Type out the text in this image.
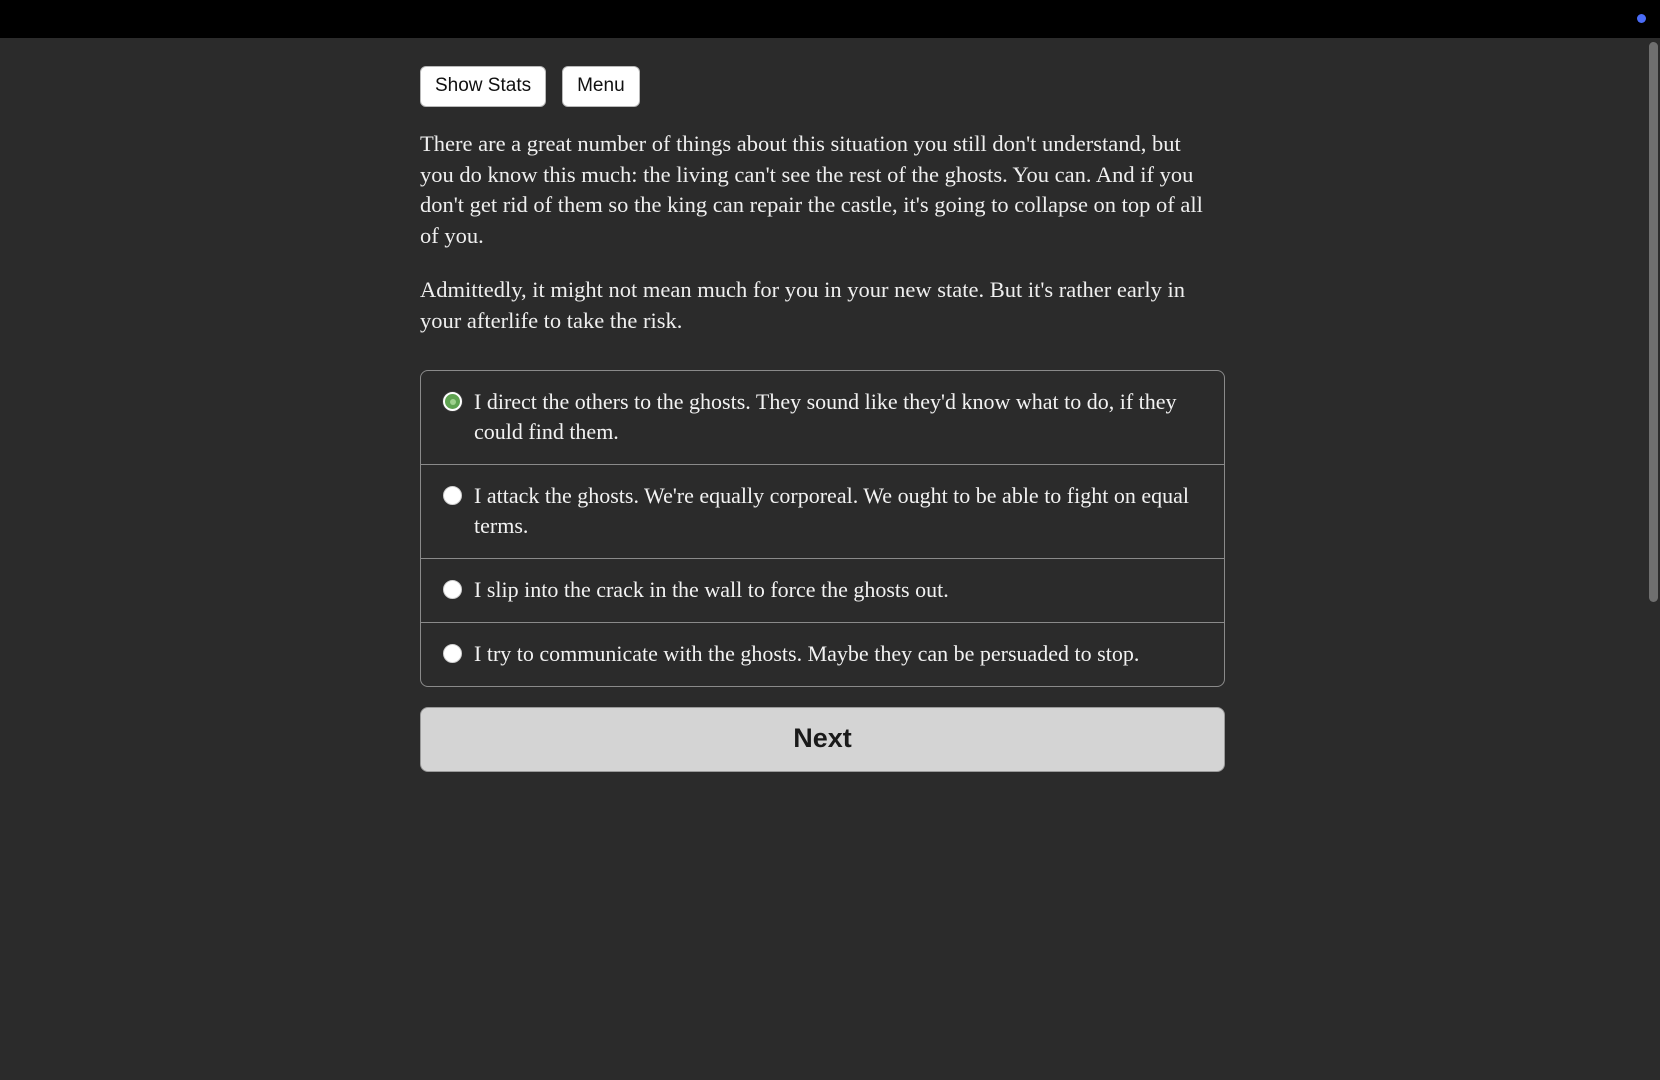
Show Stats	Menu

There are a great number of things about this situation you still don't understand, but you do know this much: the living can't see the rest of the ghosts. You can. And if you don't get rid of them so the king can repair the castle, it's going to collapse on top of all of you.

Admittedly, it might not mean much for you in your new state. But it's rather early in your afterlife to take the risk.

I direct the others to the ghosts. They sound like they'd know what to do, if they could find them.
I attack the ghosts. We're equally corporeal. We ought to be able to fight on equal terms.
I slip into the crack in the wall to force the ghosts out.
I try to communicate with the ghosts. Maybe they can be persuaded to stop.
Next
